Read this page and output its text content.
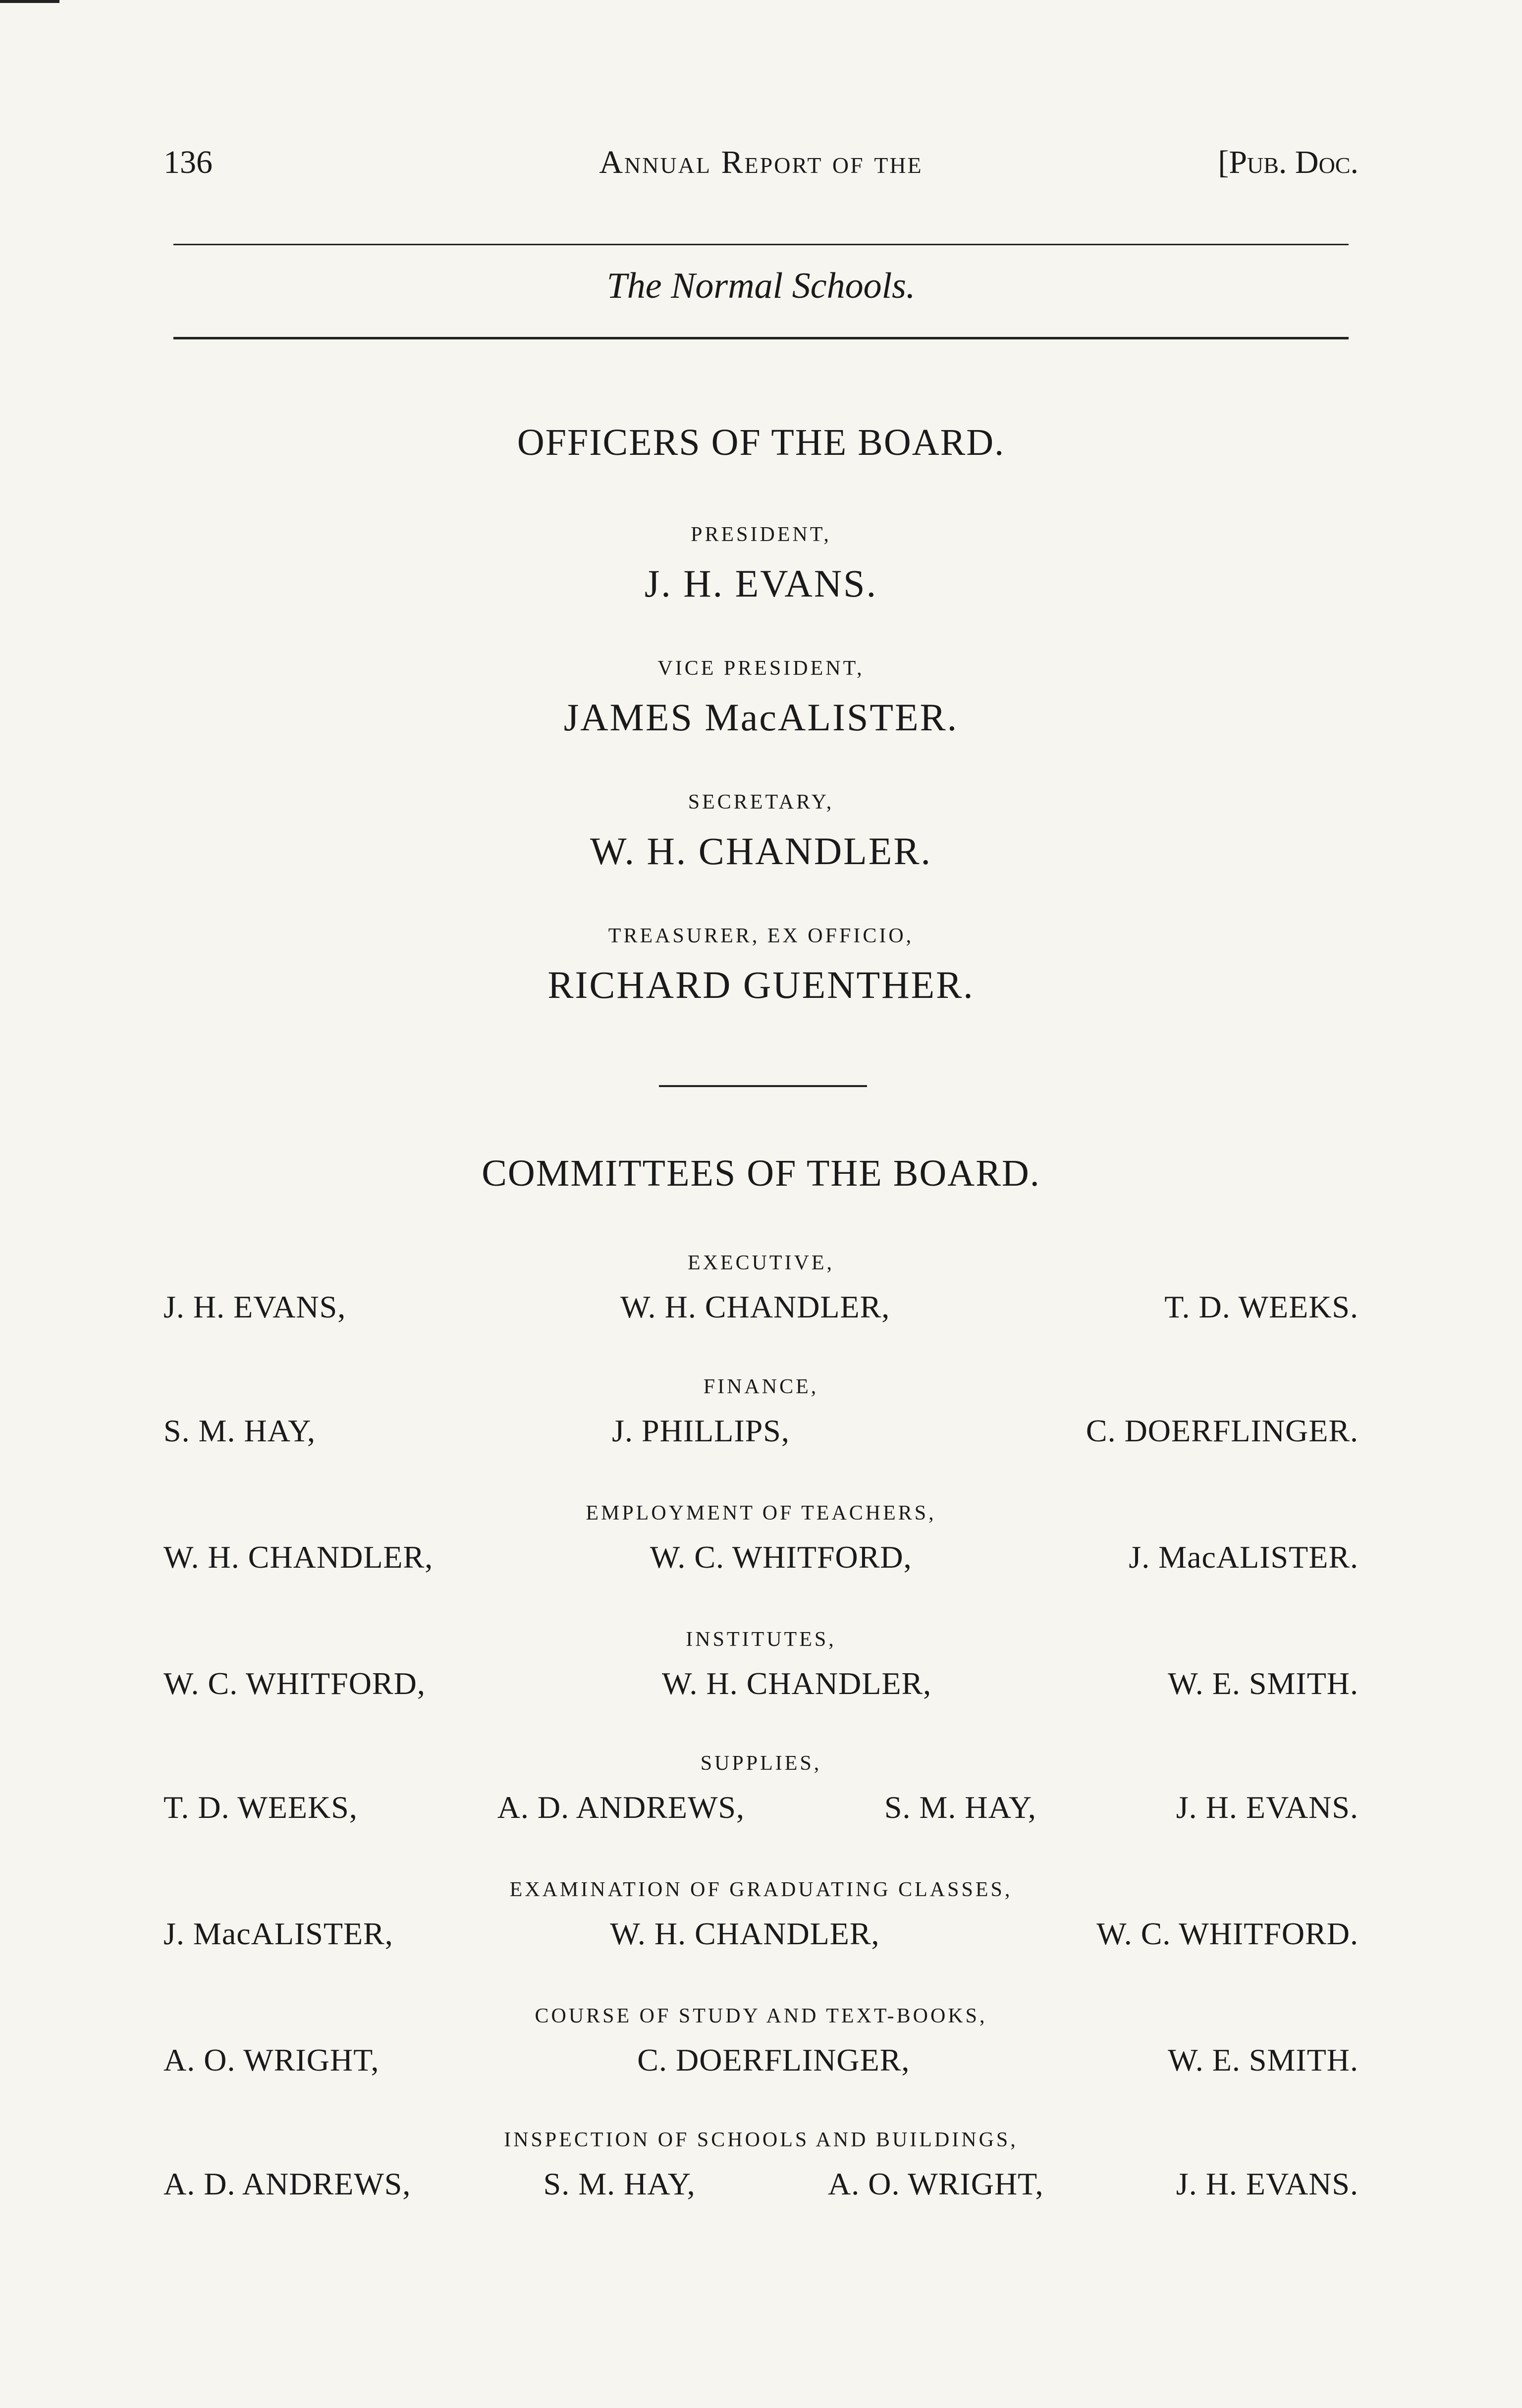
136	Annual Report of the	[Pub. Doc.
The Normal Schools.
OFFICERS OF THE BOARD.
PRESIDENT,
J. H. EVANS.
VICE PRESIDENT,
JAMES MacALISTER.
SECRETARY,
W. H. CHANDLER.
TREASURER, EX OFFICIO,
RICHARD GUENTHER.
COMMITTEES OF THE BOARD.
EXECUTIVE,
J. H. EVANS,	W. H. CHANDLER,	T. D. WEEKS.
FINANCE,
S. M. HAY,	J. PHILLIPS,	C. DOERFLINGER.
EMPLOYMENT OF TEACHERS,
W. H. CHANDLER,	W. C. WHITFORD,	J. MacALISTER.
INSTITUTES,
W. C. WHITFORD,	W. H. CHANDLER,	W. E. SMITH.
SUPPLIES,
T. D. WEEKS,	A. D. ANDREWS,	S. M. HAY,	J. H. EVANS.
EXAMINATION OF GRADUATING CLASSES,
J. MacALISTER,	W. H. CHANDLER,	W. C. WHITFORD.
COURSE OF STUDY AND TEXT-BOOKS,
A. O. WRIGHT,	C. DOERFLINGER,	W. E. SMITH.
INSPECTION OF SCHOOLS AND BUILDINGS,
A. D. ANDREWS,	S. M. HAY,	A. O. WRIGHT,	J. H. EVANS.
